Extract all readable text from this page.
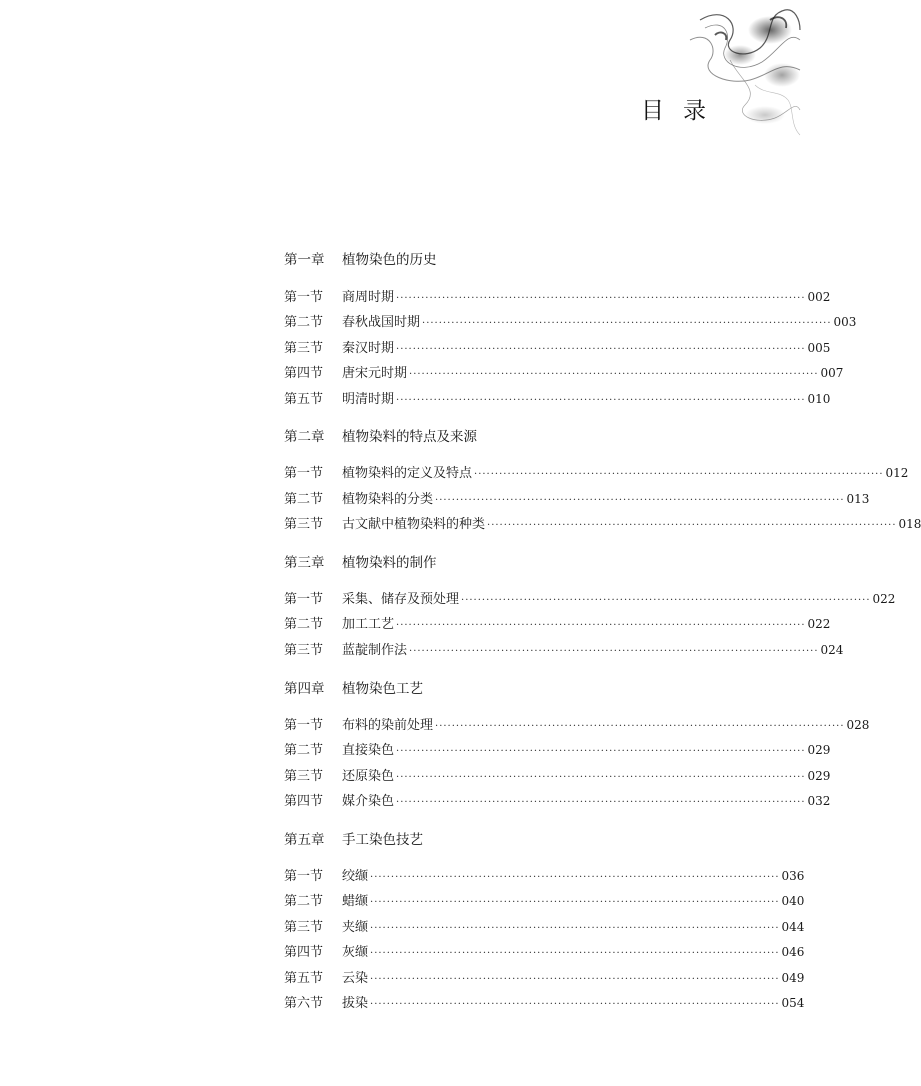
目录
第一章 植物染色的历史
第一节	商周时期 ·································································································· 002
第二节	春秋战国时期 ·································································································· 003
第三节	秦汉时期 ·································································································· 005
第四节	唐宋元时期 ·································································································· 007
第五节	明清时期 ·································································································· 010
第二章 植物染料的特点及来源
第一节	植物染料的定义及特点 ·································································································· 012
第二节	植物染料的分类 ·································································································· 013
第三节	古文献中植物染料的种类 ·································································································· 018
第三章 植物染料的制作
第一节	采集、储存及预处理 ·································································································· 022
第二节	加工工艺 ·································································································· 022
第三节	蓝靛制作法 ·································································································· 024
第四章 植物染色工艺
第一节	布料的染前处理 ·································································································· 028
第二节	直接染色 ·································································································· 029
第三节	还原染色 ·································································································· 029
第四节	媒介染色 ·································································································· 032
第五章 手工染色技艺
第一节	绞缬 ·································································································· 036
第二节	蜡缬 ·································································································· 040
第三节	夹缬 ·································································································· 044
第四节	灰缬 ·································································································· 046
第五节	云染 ·································································································· 049
第六节	拔染 ·································································································· 054
